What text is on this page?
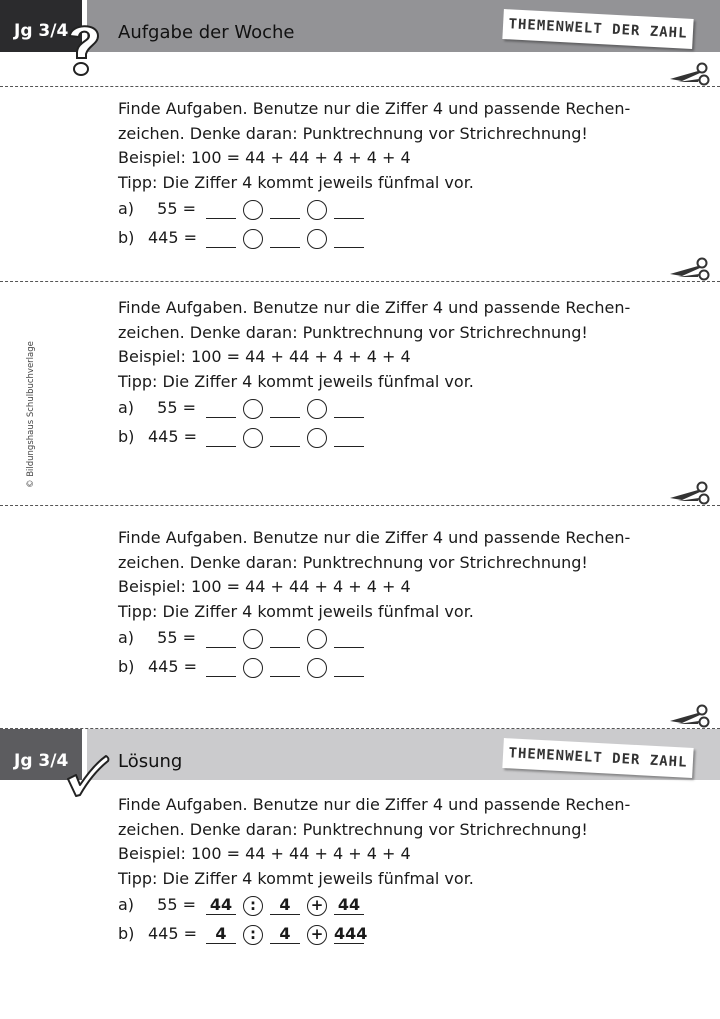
Jg 3/4	Aufgabe der Woche	THEMENWELT DER ZAHL

Finde Aufgaben. Benutze nur die Ziffer 4 und passende Rechen-

zeichen. Denke daran: Punktrechnung vor Strichrechnung!

Beispiel: 100 = 44 + 44 + 4 + 4 + 4

Tipp: Die Ziffer 4 kommt jeweils fünfmal vor.

a)	55 =
b) 445 =

Finde Aufgaben. Benutze nur die Ziffer 4 und passende Rechen-

zeichen. Denke daran: Punktrechnung vor Strichrechnung!

Beispiel: 100 = 44 + 44 + 4 + 4 + 4

Tipp: Die Ziffer 4 kommt jeweils fünfmal vor.

a)	55 =
b) 445 =
© Bildungshaus Schulbuchverlage

Finde Aufgaben. Benutze nur die Ziffer 4 und passende Rechen-

zeichen. Denke daran: Punktrechnung vor Strichrechnung!

Beispiel: 100 = 44 + 44 + 4 + 4 + 4

Tipp: Die Ziffer 4 kommt jeweils fünfmal vor.

a)	55 =
b) 445 =
Jg 3/4	Lösung	THEMENWELT DER ZAHL

Finde Aufgaben. Benutze nur die Ziffer 4 und passende Rechen-

zeichen. Denke daran: Punktrechnung vor Strichrechnung!

Beispiel: 100 = 44 + 44 + 4 + 4 + 4

Tipp: Die Ziffer 4 kommt jeweils fünfmal vor.

a)	55 = 44	:	4	+ 44
b) 445 =	4	:	4	+ 444
